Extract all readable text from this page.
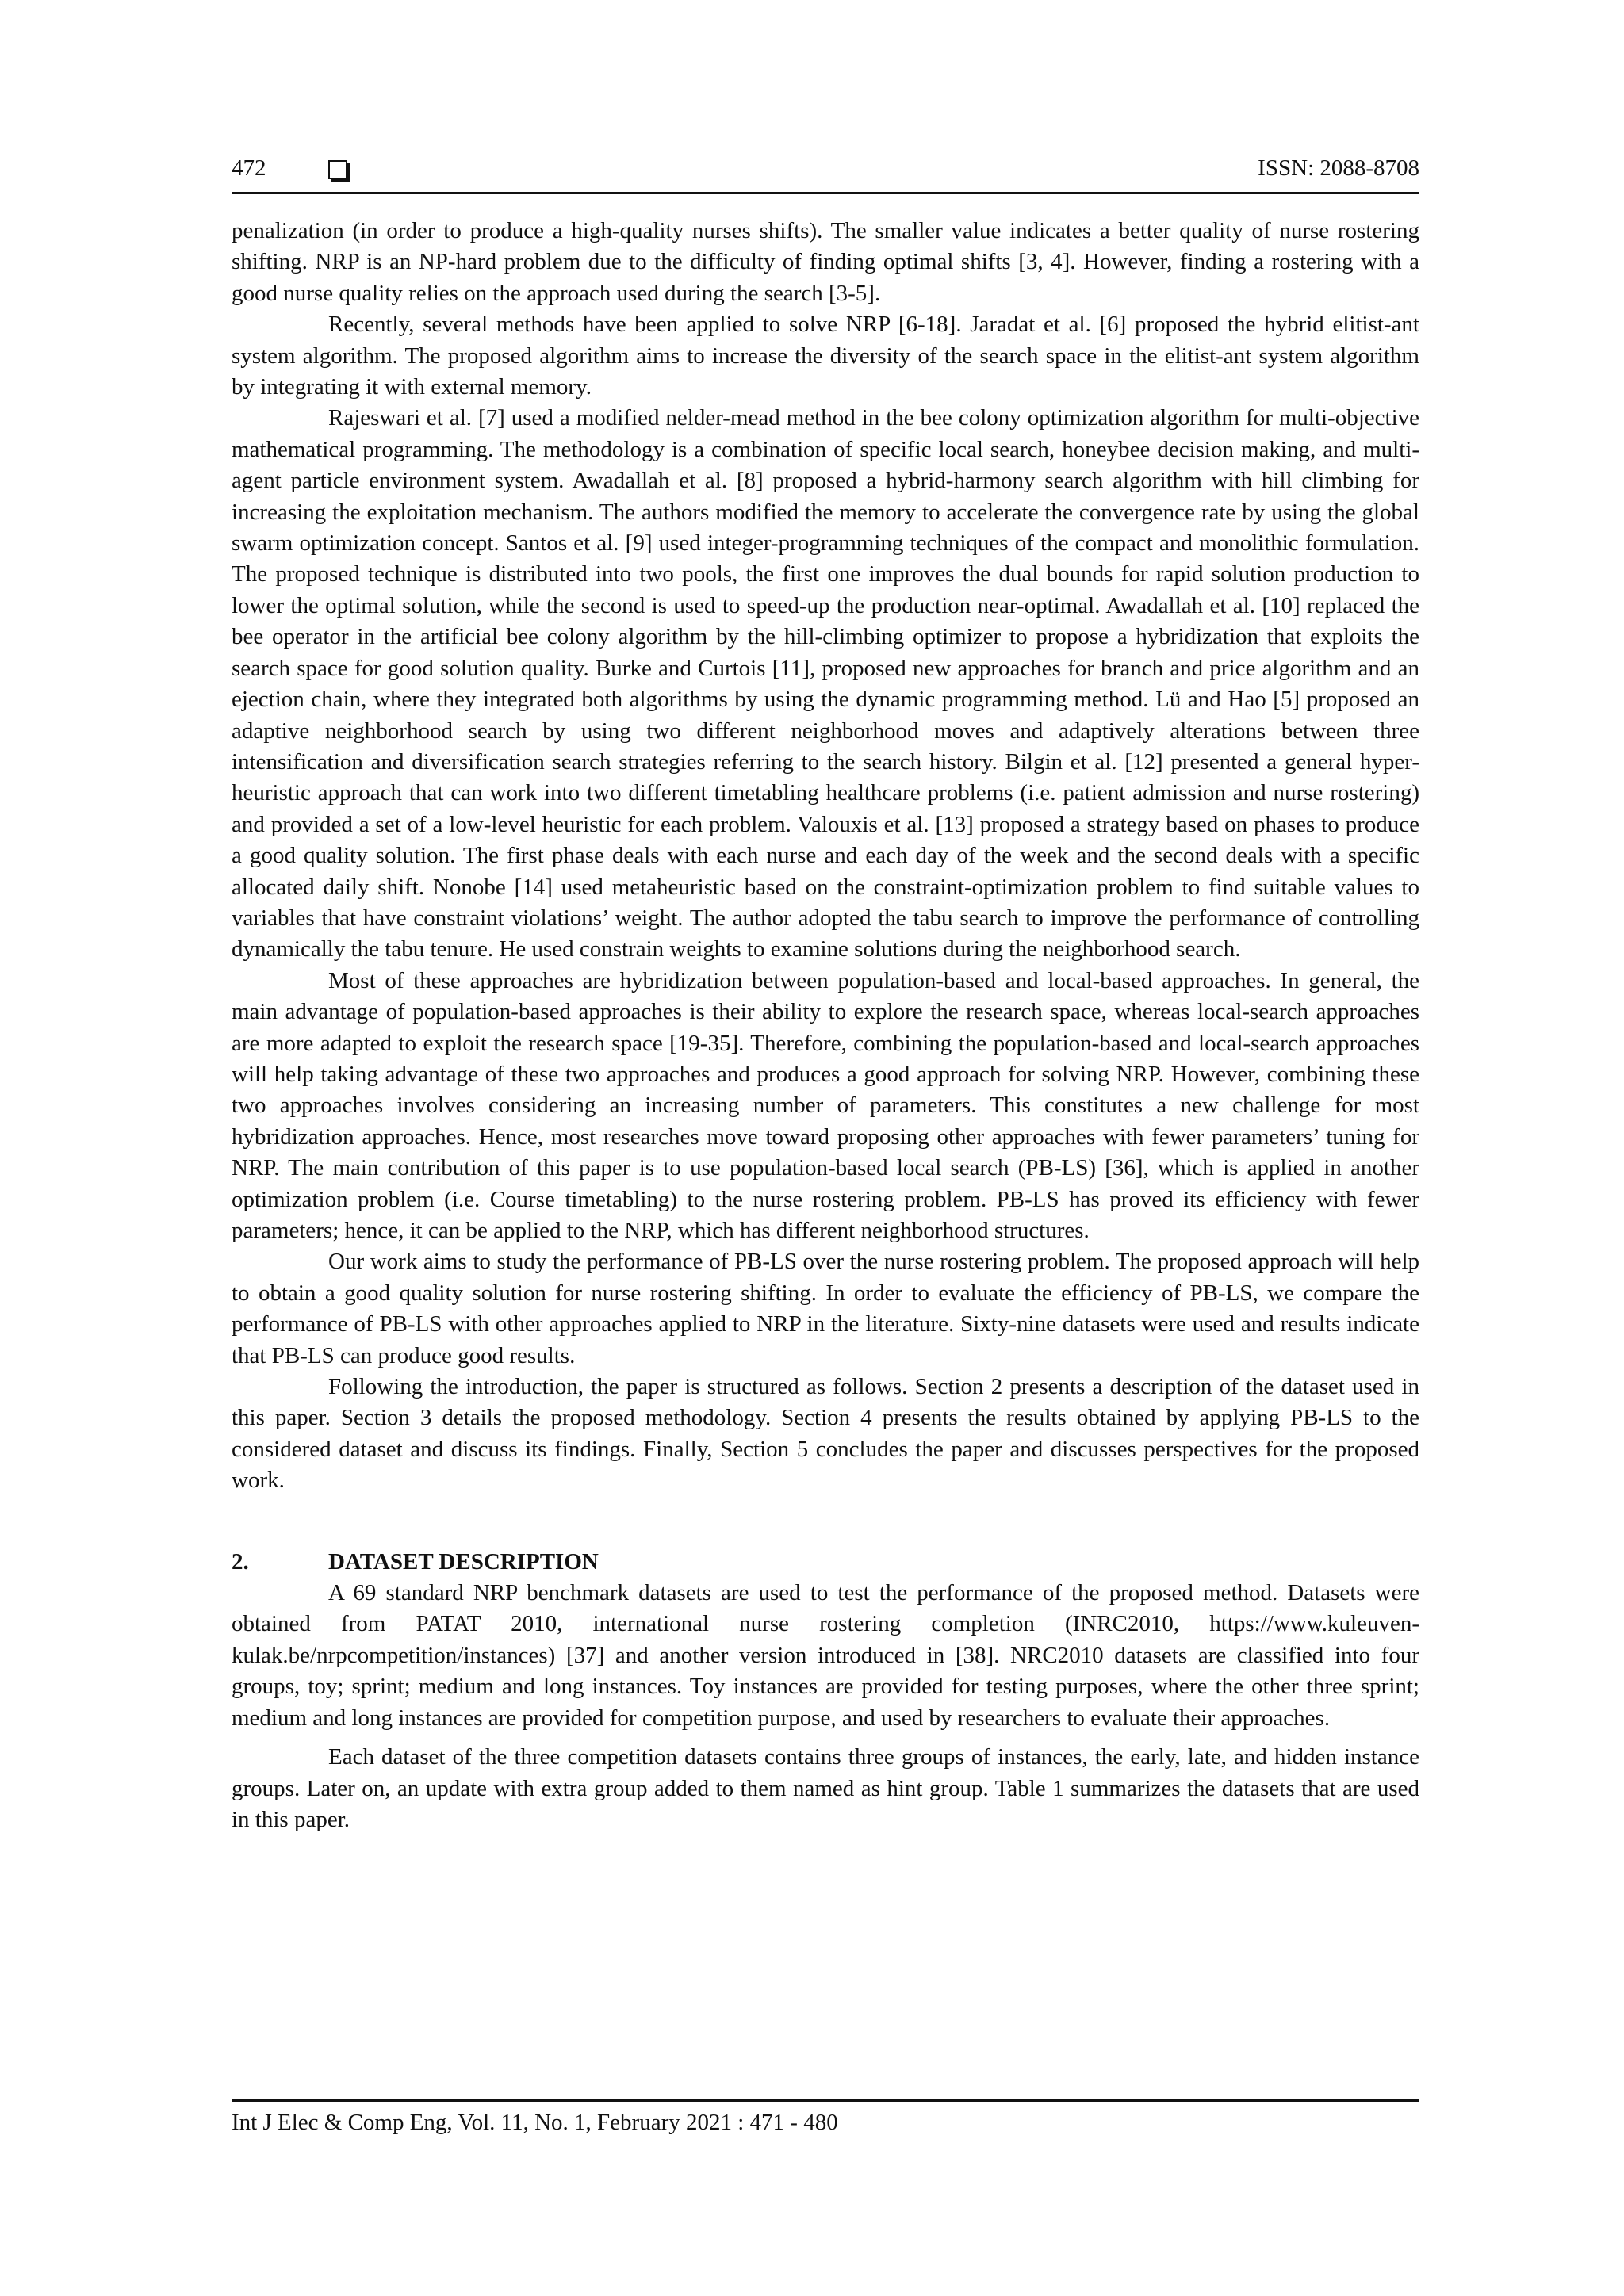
472	ISSN: 2088-8708

penalization (in order to produce a high-quality nurses shifts). The smaller value indicates a better quality of nurse rostering shifting. NRP is an NP-hard problem due to the difficulty of finding optimal shifts [3, 4]. However, finding a rostering with a good nurse quality relies on the approach used during the search [3-5].

Recently, several methods have been applied to solve NRP [6-18]. Jaradat et al. [6] proposed the hybrid elitist-ant system algorithm. The proposed algorithm aims to increase the diversity of the search space in the elitist-ant system algorithm by integrating it with external memory.

Rajeswari et al. [7] used a modified nelder-mead method in the bee colony optimization algorithm for multi-objective mathematical programming. The methodology is a combination of specific local search, honeybee decision making, and multi-agent particle environment system. Awadallah et al. [8] proposed a hybrid-harmony search algorithm with hill climbing for increasing the exploitation mechanism. The authors modified the memory to accelerate the convergence rate by using the global swarm optimization concept. Santos et al. [9] used integer-programming techniques of the compact and monolithic formulation. The proposed technique is distributed into two pools, the first one improves the dual bounds for rapid solution production to lower the optimal solution, while the second is used to speed-up the production near-optimal. Awadallah et al. [10] replaced the bee operator in the artificial bee colony algorithm by the hill-climbing optimizer to propose a hybridization that exploits the search space for good solution quality. Burke and Curtois [11], proposed new approaches for branch and price algorithm and an ejection chain, where they integrated both algorithms by using the dynamic programming method. Lü and Hao [5] proposed an adaptive neighborhood search by using two different neighborhood moves and adaptively alterations between three intensification and diversification search strategies referring to the search history. Bilgin et al. [12] presented a general hyper-heuristic approach that can work into two different timetabling healthcare problems (i.e. patient admission and nurse rostering) and provided a set of a low-level heuristic for each problem. Valouxis et al. [13] proposed a strategy based on phases to produce a good quality solution. The first phase deals with each nurse and each day of the week and the second deals with a specific allocated daily shift. Nonobe [14] used metaheuristic based on the constraint-optimization problem to find suitable values to variables that have constraint violations’ weight. The author adopted the tabu search to improve the performance of controlling dynamically the tabu tenure. He used constrain weights to examine solutions during the neighborhood search.

Most of these approaches are hybridization between population-based and local-based approaches. In general, the main advantage of population-based approaches is their ability to explore the research space, whereas local-search approaches are more adapted to exploit the research space [19-35]. Therefore, combining the population-based and local-search approaches will help taking advantage of these two approaches and produces a good approach for solving NRP. However, combining these two approaches involves considering an increasing number of parameters. This constitutes a new challenge for most hybridization approaches. Hence, most researches move toward proposing other approaches with fewer parameters’ tuning for NRP. The main contribution of this paper is to use population-based local search (PB-LS) [36], which is applied in another optimization problem (i.e. Course timetabling) to the nurse rostering problem. PB-LS has proved its efficiency with fewer parameters; hence, it can be applied to the NRP, which has different neighborhood structures.

Our work aims to study the performance of PB-LS over the nurse rostering problem. The proposed approach will help to obtain a good quality solution for nurse rostering shifting. In order to evaluate the efficiency of PB-LS, we compare the performance of PB-LS with other approaches applied to NRP in the literature. Sixty-nine datasets were used and results indicate that PB-LS can produce good results.

Following the introduction, the paper is structured as follows. Section 2 presents a description of the dataset used in this paper. Section 3 details the proposed methodology. Section 4 presents the results obtained by applying PB-LS to the considered dataset and discuss its findings. Finally, Section 5 concludes the paper and discusses perspectives for the proposed work.

2.	DATASET DESCRIPTION

A 69 standard NRP benchmark datasets are used to test the performance of the proposed method. Datasets were obtained from PATAT 2010, international nurse rostering completion (INRC2010, https://www.kuleuven-kulak.be/nrpcompetition/instances) [37] and another version introduced in [38]. NRC2010 datasets are classified into four groups, toy; sprint; medium and long instances. Toy instances are provided for testing purposes, where the other three sprint; medium and long instances are provided for competition purpose, and used by researchers to evaluate their approaches.

Each dataset of the three competition datasets contains three groups of instances, the early, late, and hidden instance groups. Later on, an update with extra group added to them named as hint group. Table 1 summarizes the datasets that are used in this paper.

Int J Elec & Comp Eng, Vol. 11, No. 1, February 2021 : 471 - 480
